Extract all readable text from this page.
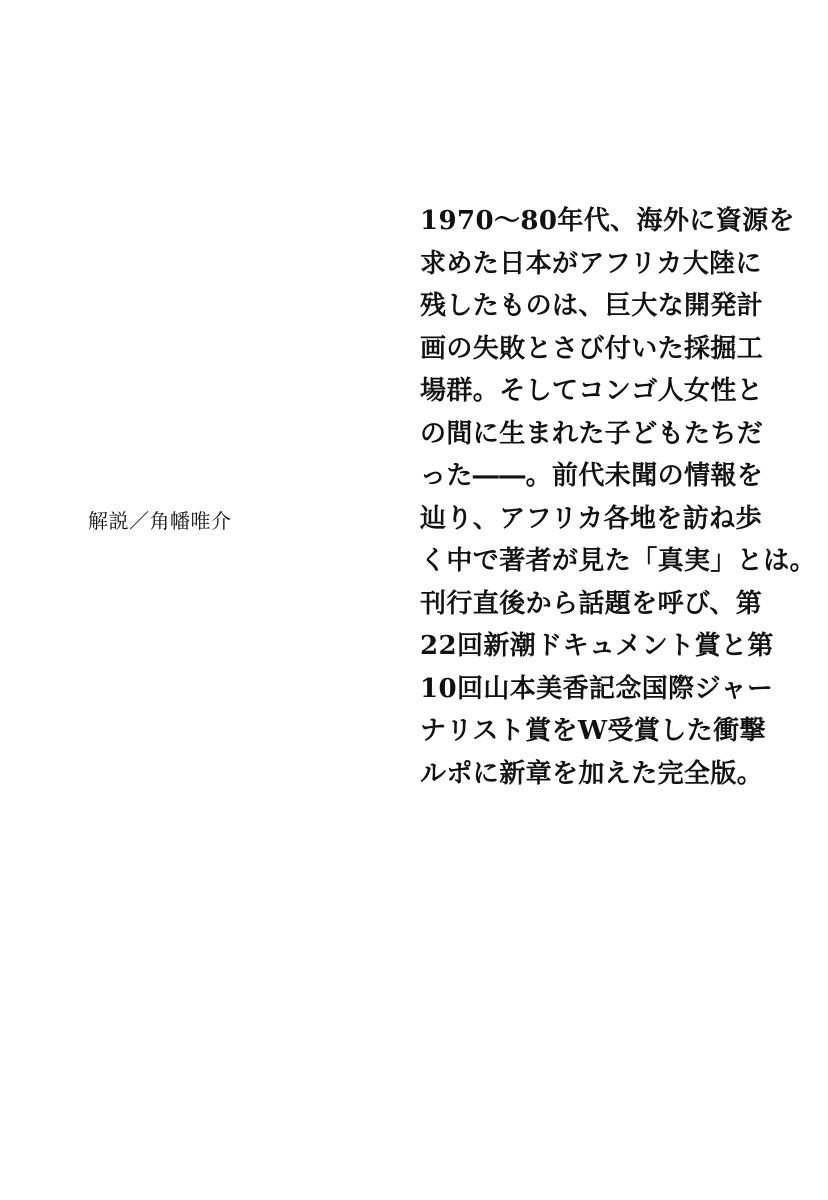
解説／角幡唯介
1970〜80年代、海外に資源を
求めた日本がアフリカ大陸に
残したものは、巨大な開発計
画の失敗とさび付いた採掘工
場群。そしてコンゴ人女性と
の間に生まれた子どもたちだ
った――。前代未聞の情報を
辿り、アフリカ各地を訪ね歩
く中で著者が見た「真実」とは。
刊行直後から話題を呼び、第
22回新潮ドキュメント賞と第
10回山本美香記念国際ジャー
ナリスト賞をW受賞した衝撃
ルポに新章を加えた完全版。
